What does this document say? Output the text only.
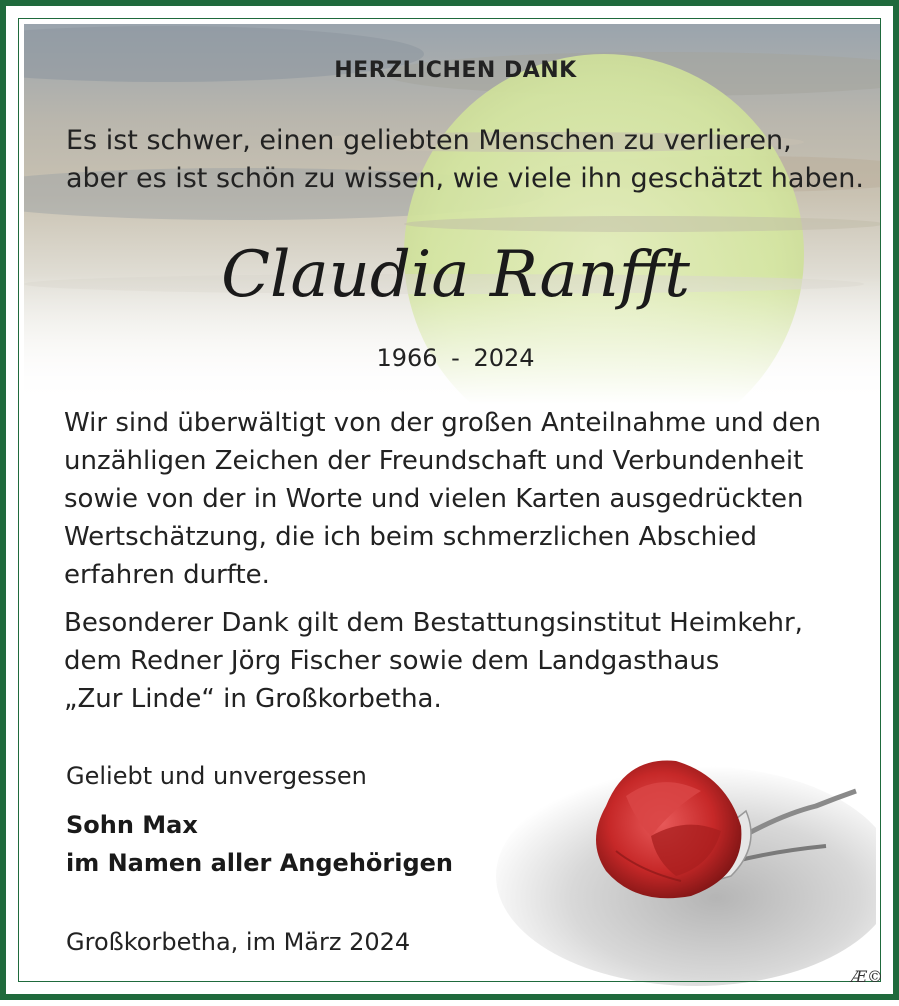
HERZLICHEN DANK
Es ist schwer, einen geliebten Menschen zu verlieren,
aber es ist schön zu wissen, wie viele ihn geschätzt haben.
Claudia Ranfft
1966 - 2024
Wir sind überwältigt von der großen Anteilnahme und den
unzähligen Zeichen der Freundschaft und Verbundenheit
sowie von der in Worte und vielen Karten ausgedrückten
Wertschätzung, die ich beim schmerzlichen Abschied
erfahren durfte.
Besonderer Dank gilt dem Bestattungsinstitut Heimkehr,
dem Redner Jörg Fischer sowie dem Landgasthaus
„Zur Linde“ in Großkorbetha.
Geliebt und unvergessen
Sohn Max
im Namen aller Angehörigen
Großkorbetha, im März 2024
Æ©
